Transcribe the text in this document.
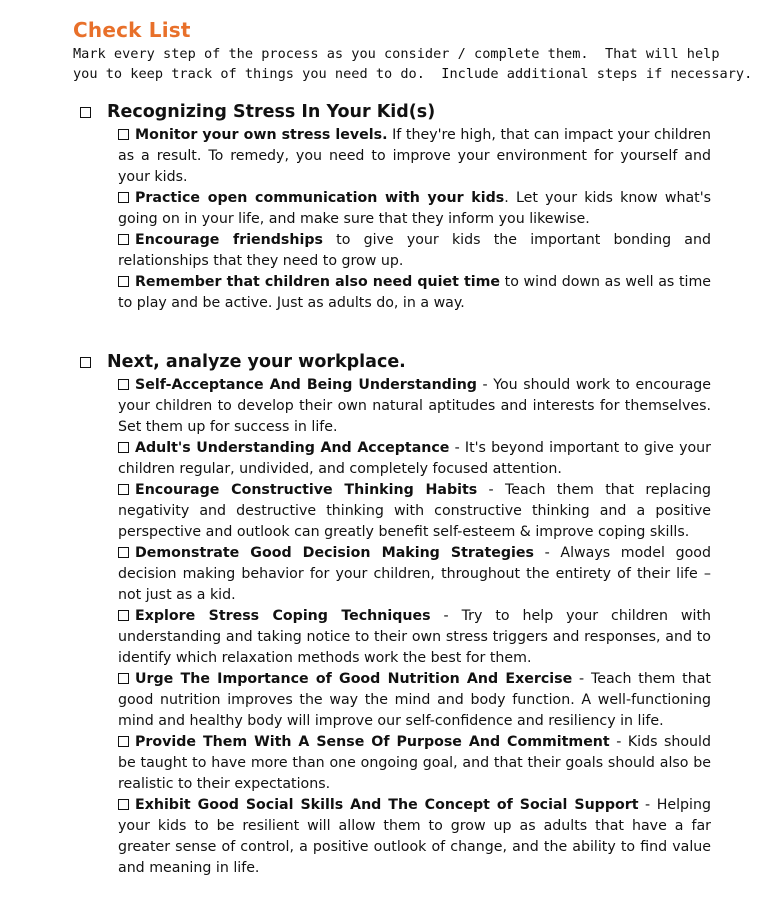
Check List
Mark every step of the process as you consider / complete them.  That will help
you to keep track of things you need to do.  Include additional steps if necessary.
Recognizing Stress In Your Kid(s)
Monitor your own stress levels. If they're high, that can impact your children as a result. To remedy, you need to improve your environment for yourself and your kids.
Practice open communication with your kids. Let your kids know what's going on in your life, and make sure that they inform you likewise.
Encourage friendships to give your kids the important bonding and relationships that they need to grow up.
Remember that children also need quiet time to wind down as well as time to play and be active. Just as adults do, in a way.
Next, analyze your workplace.
Self-Acceptance And Being Understanding - You should work to encourage your children to develop their own natural aptitudes and interests for themselves. Set them up for success in life.
Adult's Understanding And Acceptance - It's beyond important to give your children regular, undivided, and completely focused attention.
Encourage Constructive Thinking Habits - Teach them that replacing negativity and destructive thinking with constructive thinking and a positive perspective and outlook can greatly benefit self-esteem & improve coping skills.
Demonstrate Good Decision Making Strategies - Always model good decision making behavior for your children, throughout the entirety of their life – not just as a kid.
Explore Stress Coping Techniques - Try to help your children with understanding and taking notice to their own stress triggers and responses, and to identify which relaxation methods work the best for them.
Urge The Importance of Good Nutrition And Exercise - Teach them that good nutrition improves the way the mind and body function. A well-functioning mind and healthy body will improve our self-confidence and resiliency in life.
Provide Them With A Sense Of Purpose And Commitment - Kids should be taught to have more than one ongoing goal, and that their goals should also be realistic to their expectations.
Exhibit Good Social Skills And The Concept of Social Support - Helping your kids to be resilient will allow them to grow up as adults that have a far greater sense of control, a positive outlook of change, and the ability to find value and meaning in life.
